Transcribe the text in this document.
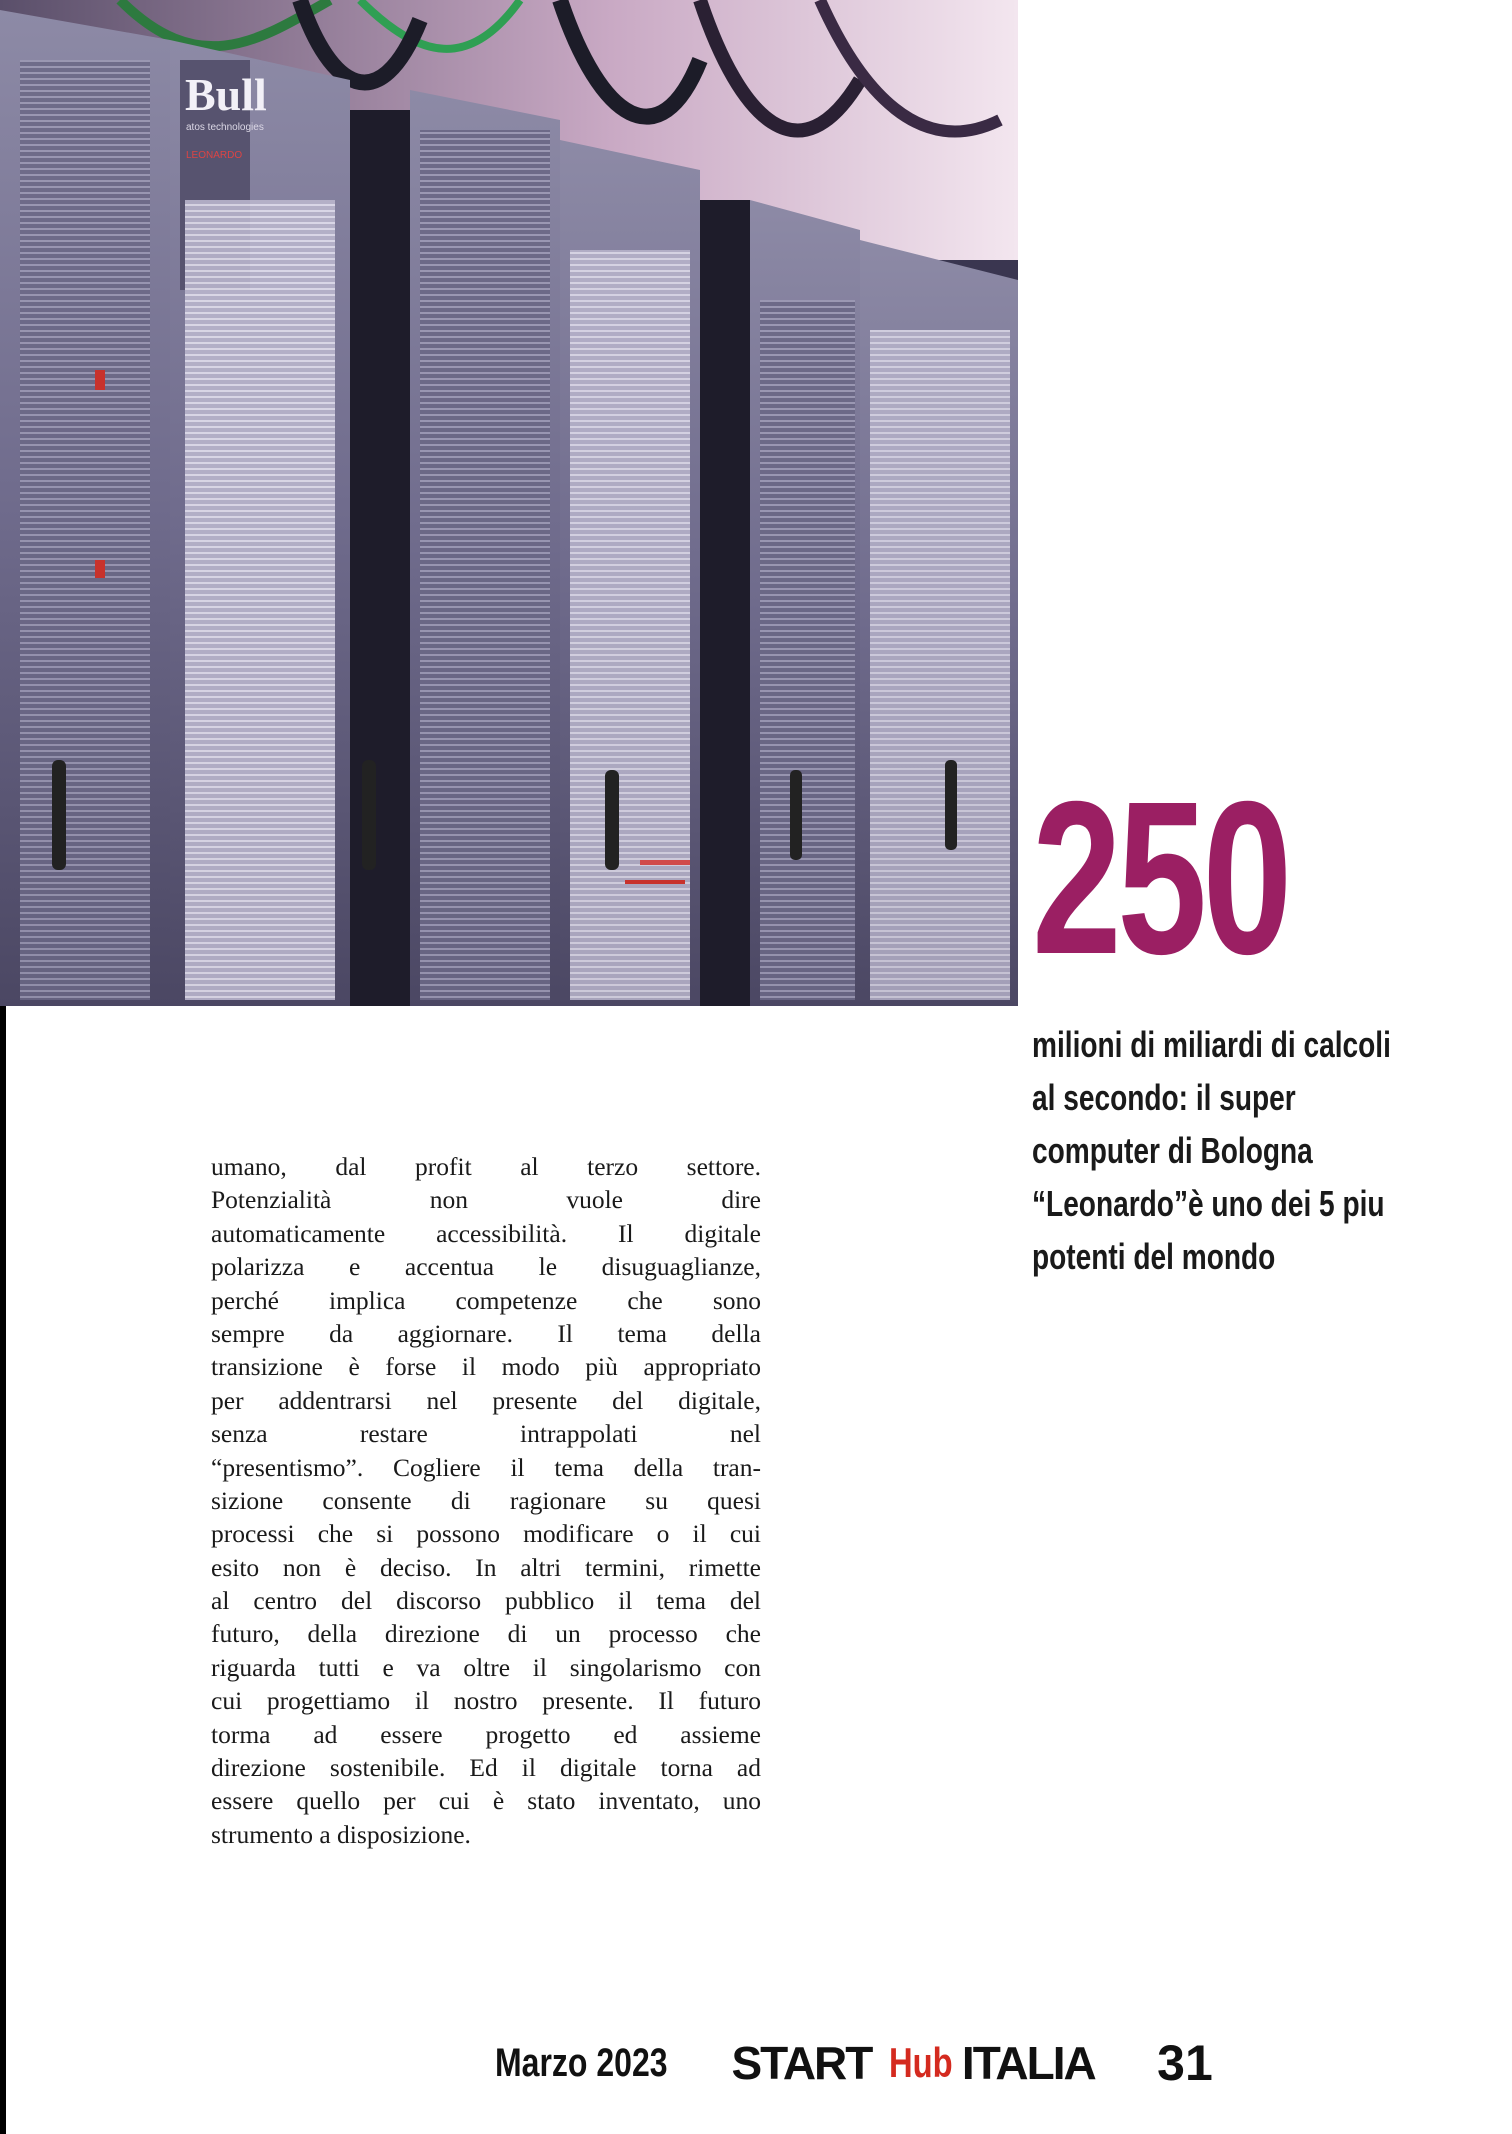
Bull
atos technologies
LEONARDO
250
milioni di miliardi di calcoli
al secondo: il super
computer di Bologna
“Leonardo”è uno dei 5 piu
potenti del mondo
umano, dal profit al terzo settore.
Potenzialità non vuole dire
automaticamente accessibilità. Il digitale
polarizza e accentua le disuguaglianze,
perché implica competenze che sono
sempre da aggiornare. Il tema della
transizione è forse il modo più appropriato
per addentrarsi nel presente del digitale,
senza restare intrappolati nel
“presentismo”. Cogliere il tema della tran-
sizione consente di ragionare su quesi
processi che si possono modificare o il cui
esito non è deciso. In altri termini, rimette
al centro del discorso pubblico il tema del
futuro, della direzione di un processo che
riguarda tutti e va oltre il singolarismo con
cui progettiamo il nostro presente. Il futuro
torma ad essere progetto ed assieme
direzione sostenibile. Ed il digitale torna ad
essere quello per cui è stato inventato, uno
strumento a disposizione.
Marzo 2023 START Hub ITALIA 31
